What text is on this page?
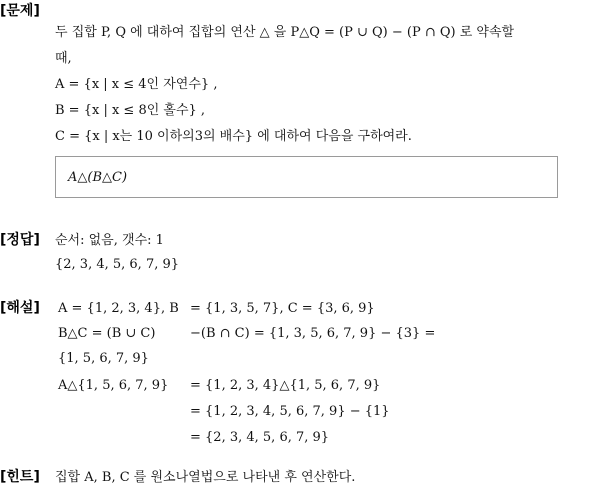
[문제]
두 집합 P, Q 에 대하여 집합의 연산 △ 을 P△Q = (P ∪ Q) − (P ∩ Q) 로 약속할
때,
A = {x | x ≤ 4인 자연수} ,
B = {x | x ≤ 8인 홀수} ,
C = {x | x는 10 이하의3의 배수} 에 대하여 다음을 구하여라.
A△(B△C)
[정답] 순서: 없음, 갯수: 1
{2, 3, 4, 5, 6, 7, 9}
[해설] A = {1, 2, 3, 4}, B = {1, 3, 5, 7}, C = {3, 6, 9}
B△C = (B ∪ C)	−(B ∩ C) = {1, 3, 5, 6, 7, 9} − {3} =
{1, 5, 6, 7, 9}
A△{1, 5, 6, 7, 9} = {1, 2, 3, 4}△{1, 5, 6, 7, 9}
= {1, 2, 3, 4, 5, 6, 7, 9} − {1}
= {2, 3, 4, 5, 6, 7, 9}
[힌트] 집합 A, B, C 를 원소나열법으로 나타낸 후 연산한다.
